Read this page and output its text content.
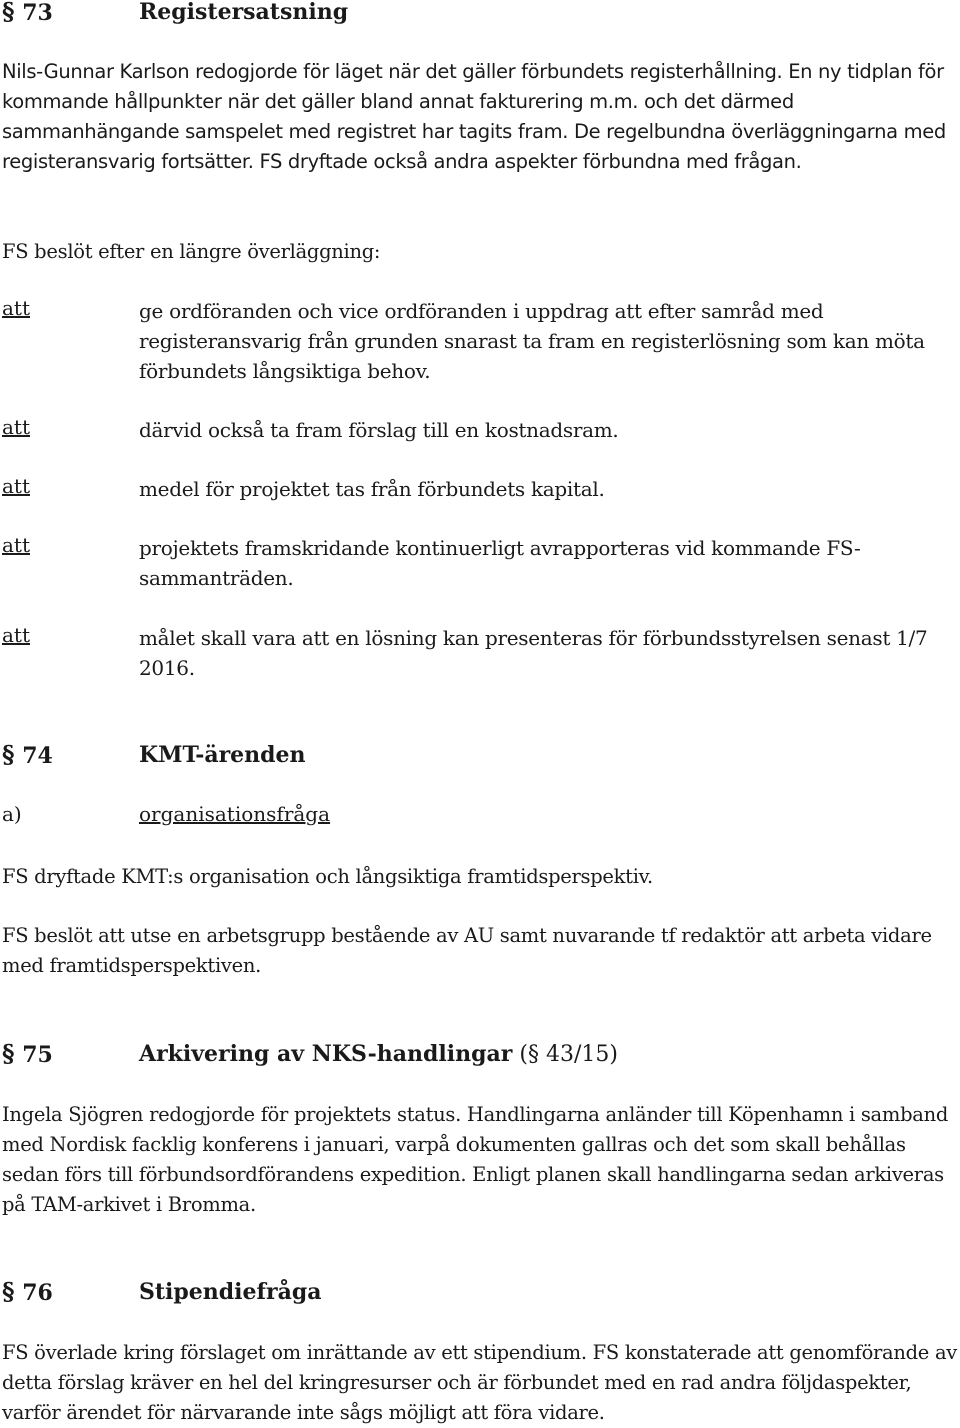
§ 73	Registersatsning
Nils-Gunnar Karlson redogjorde för läget när det gäller förbundets registerhållning. En ny tidplan för kommande hållpunkter när det gäller bland annat fakturering m.m. och det därmed sammanhängande samspelet med registret har tagits fram. De regelbundna överläggningarna med registeransvarig fortsätter. FS dryftade också andra aspekter förbundna med frågan.
FS beslöt efter en längre överläggning:
att	ge ordföranden och vice ordföranden i uppdrag att efter samråd med registeransvarig från grunden snarast ta fram en registerlösning som kan möta förbundets långsiktiga behov.
att	därvid också ta fram förslag till en kostnadsram.
att	medel för projektet tas från förbundets kapital.
att	projektets framskridande kontinuerligt avrapporteras vid kommande FS-sammanträden.
att	målet skall vara att en lösning kan presenteras för förbundsstyrelsen senast 1/7 2016.
§ 74	KMT-ärenden
a)	organisationsfråga
FS dryftade KMT:s organisation och långsiktiga framtidsperspektiv.
FS beslöt att utse en arbetsgrupp bestående av AU samt nuvarande tf redaktör att arbeta vidare med framtidsperspektiven.
§ 75	Arkivering av NKS-handlingar (§ 43/15)
Ingela Sjögren redogjorde för projektets status. Handlingarna anländer till Köpenhamn i samband med Nordisk facklig konferens i januari, varpå dokumenten gallras och det som skall behållas sedan förs till förbundsordförandens expedition. Enligt planen skall handlingarna sedan arkiveras på TAM-arkivet i Bromma.
§ 76	Stipendiefråga
FS överlade kring förslaget om inrättande av ett stipendium. FS konstaterade att genomförande av detta förslag kräver en hel del kringresurser och är förbundet med en rad andra följdaspekter, varför ärendet för närvarande inte sågs möjligt att föra vidare.
